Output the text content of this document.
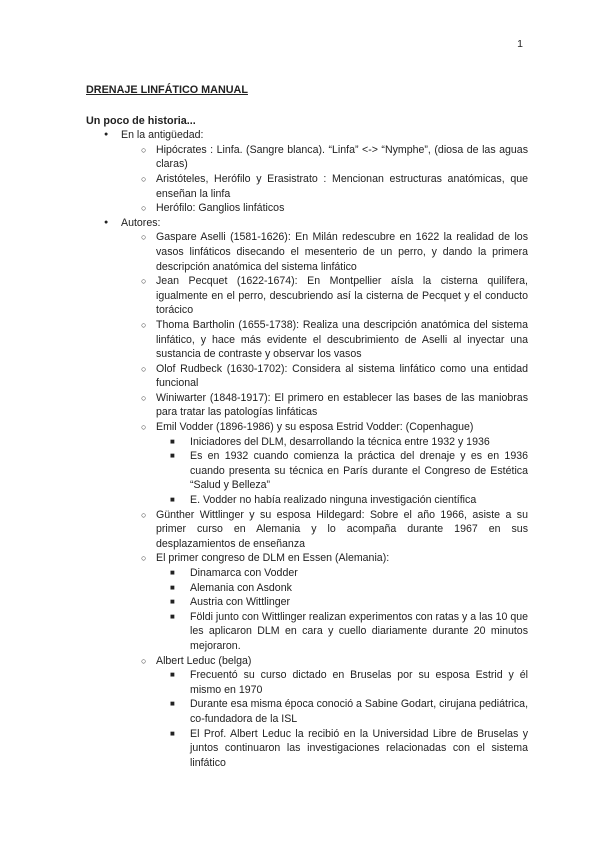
1
DRENAJE LINFÁTICO MANUAL
Un poco de historia...
● En la antigüedad:
○ Hipócrates : Linfa. (Sangre blanca). “Linfa” <-> “Nymphe”, (diosa de las aguas claras)
○ Aristóteles, Herófilo y Erasistrato : Mencionan estructuras anatómicas, que enseñan la linfa
○ Herófilo: Ganglios linfáticos
● Autores:
○ Gaspare Aselli (1581-1626): En Milán redescubre en 1622 la realidad de los vasos linfáticos disecando el mesenterio de un perro, y dando la primera descripción anatómica del sistema linfático
○ Jean Pecquet (1622-1674): En Montpellier aísla la cisterna quilífera, igualmente en el perro, descubriendo así la cisterna de Pecquet y el conducto torácico
○ Thoma Bartholin (1655-1738): Realiza una descripción anatómica del sistema linfático, y hace más evidente el descubrimiento de Aselli al inyectar una sustancia de contraste y observar los vasos
○ Olof Rudbeck (1630-1702): Considera al sistema linfático como una entidad funcional
○ Winiwarter (1848-1917): El primero en establecer las bases de las maniobras para tratar las patologías linfáticas
○ Emil Vodder (1896-1986) y su esposa Estrid Vodder: (Copenhague)
■ Iniciadores del DLM, desarrollando la técnica entre 1932 y 1936
■ Es en 1932 cuando comienza la práctica del drenaje y es en 1936 cuando presenta su técnica en París durante el Congreso de Estética “Salud y Belleza”
■ E. Vodder no había realizado ninguna investigación científica
○ Günther Wittlinger y su esposa Hildegard: Sobre el año 1966, asiste a su primer curso en Alemania y lo acompaña durante 1967 en sus desplazamientos de enseñanza
○ El primer congreso de DLM en Essen (Alemania):
■ Dinamarca con Vodder
■ Alemania con Asdonk
■ Austria con Wittlinger
■ Földi junto con Wittlinger realizan experimentos con ratas y a las 10 que les aplicaron DLM en cara y cuello diariamente durante 20 minutos mejoraron.
○ Albert Leduc (belga)
■ Frecuentó su curso dictado en Bruselas por su esposa Estrid y él mismo en 1970
■ Durante esa misma época conoció a Sabine Godart, cirujana pediátrica, co-fundadora de la ISL
■ El Prof. Albert Leduc la recibió en la Universidad Libre de Bruselas y juntos continuaron las investigaciones relacionadas con el sistema linfático
